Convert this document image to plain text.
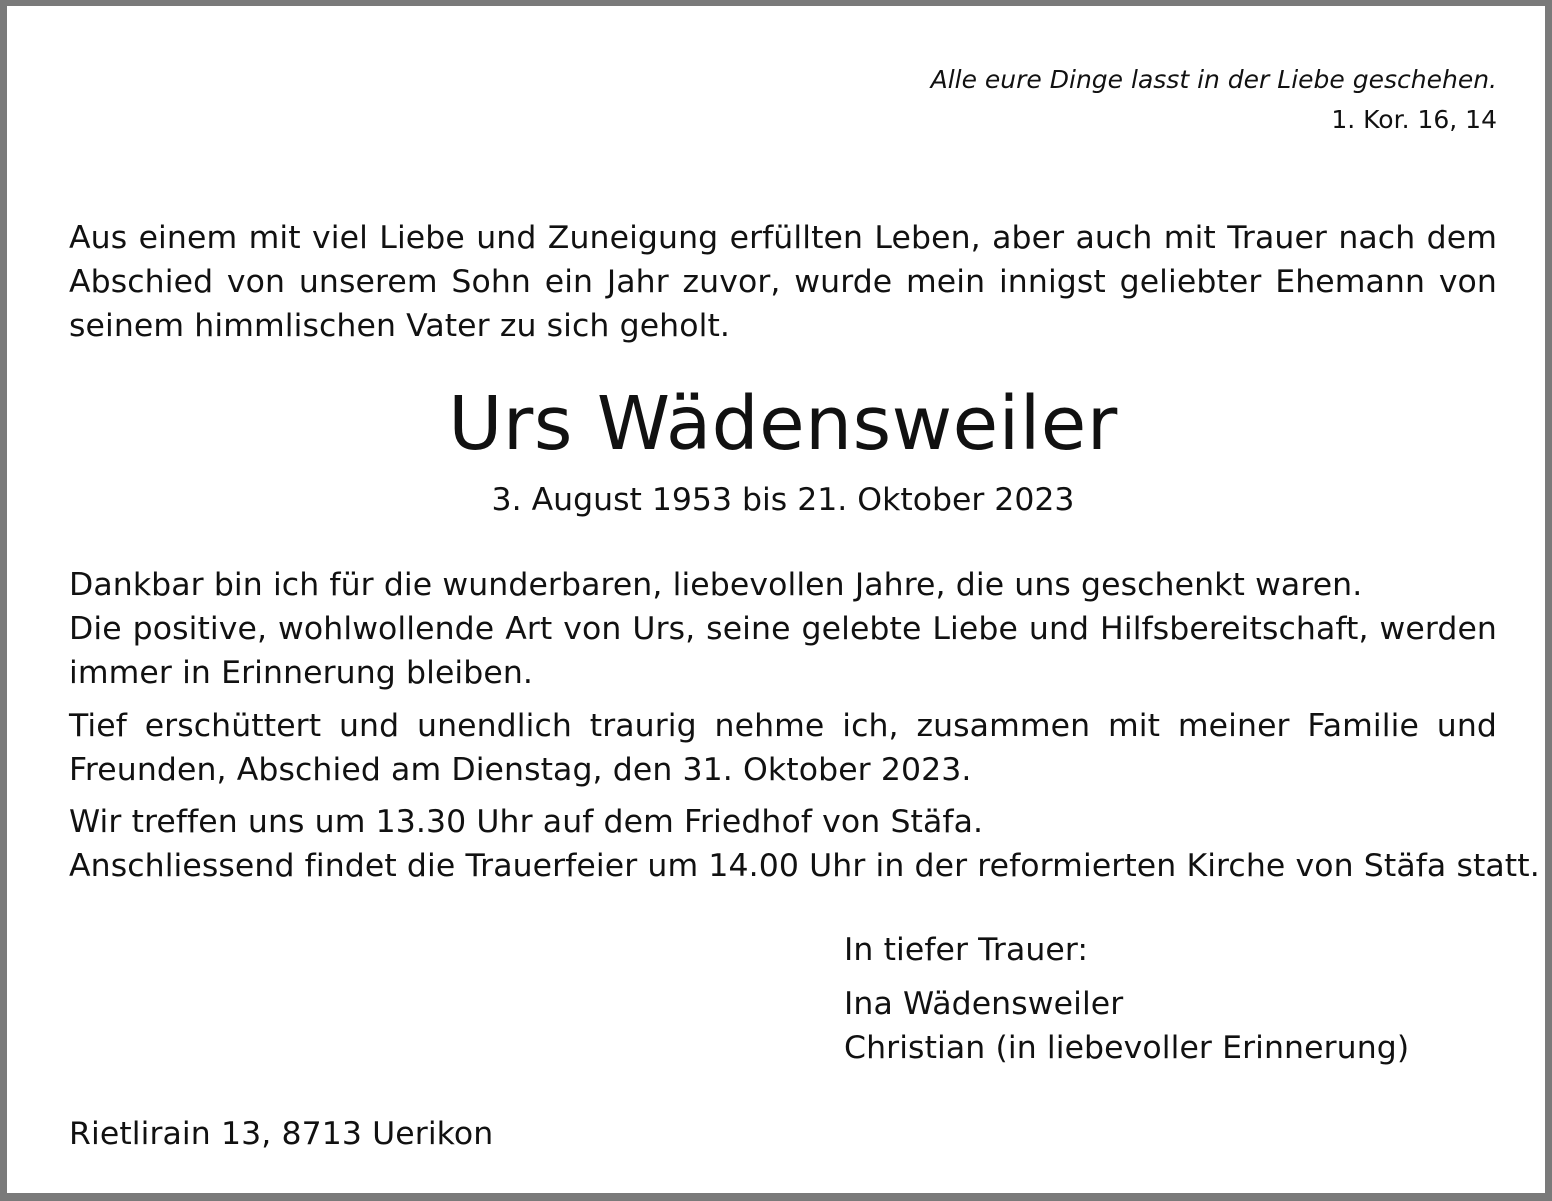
Alle eure Dinge lasst in der Liebe geschehen.
1. Kor. 16, 14

Aus einem mit viel Liebe und Zuneigung erfüllten Leben, aber auch mit Trauer nach dem
Abschied von unserem Sohn ein Jahr zuvor, wurde mein innigst geliebter Ehemann von
seinem himmlischen Vater zu sich geholt.

Urs Wädensweiler
3. August 1953 bis 21. Oktober 2023

Dankbar bin ich für die wunderbaren, liebevollen Jahre, die uns geschenkt waren.
Die positive, wohlwollende Art von Urs, seine gelebte Liebe und Hilfsbereitschaft, werden
immer in Erinnerung bleiben.

Tief erschüttert und unendlich traurig nehme ich, zusammen mit meiner Familie und
Freunden, Abschied am Dienstag, den 31. Oktober 2023.

Wir treffen uns um 13.30 Uhr auf dem Friedhof von Stäfa.
Anschliessend findet die Trauerfeier um 14.00 Uhr in der reformierten Kirche von Stäfa statt.

In tiefer Trauer:
Ina Wädensweiler
Christian (in liebevoller Erinnerung)
Rietlirain 13, 8713 Uerikon
